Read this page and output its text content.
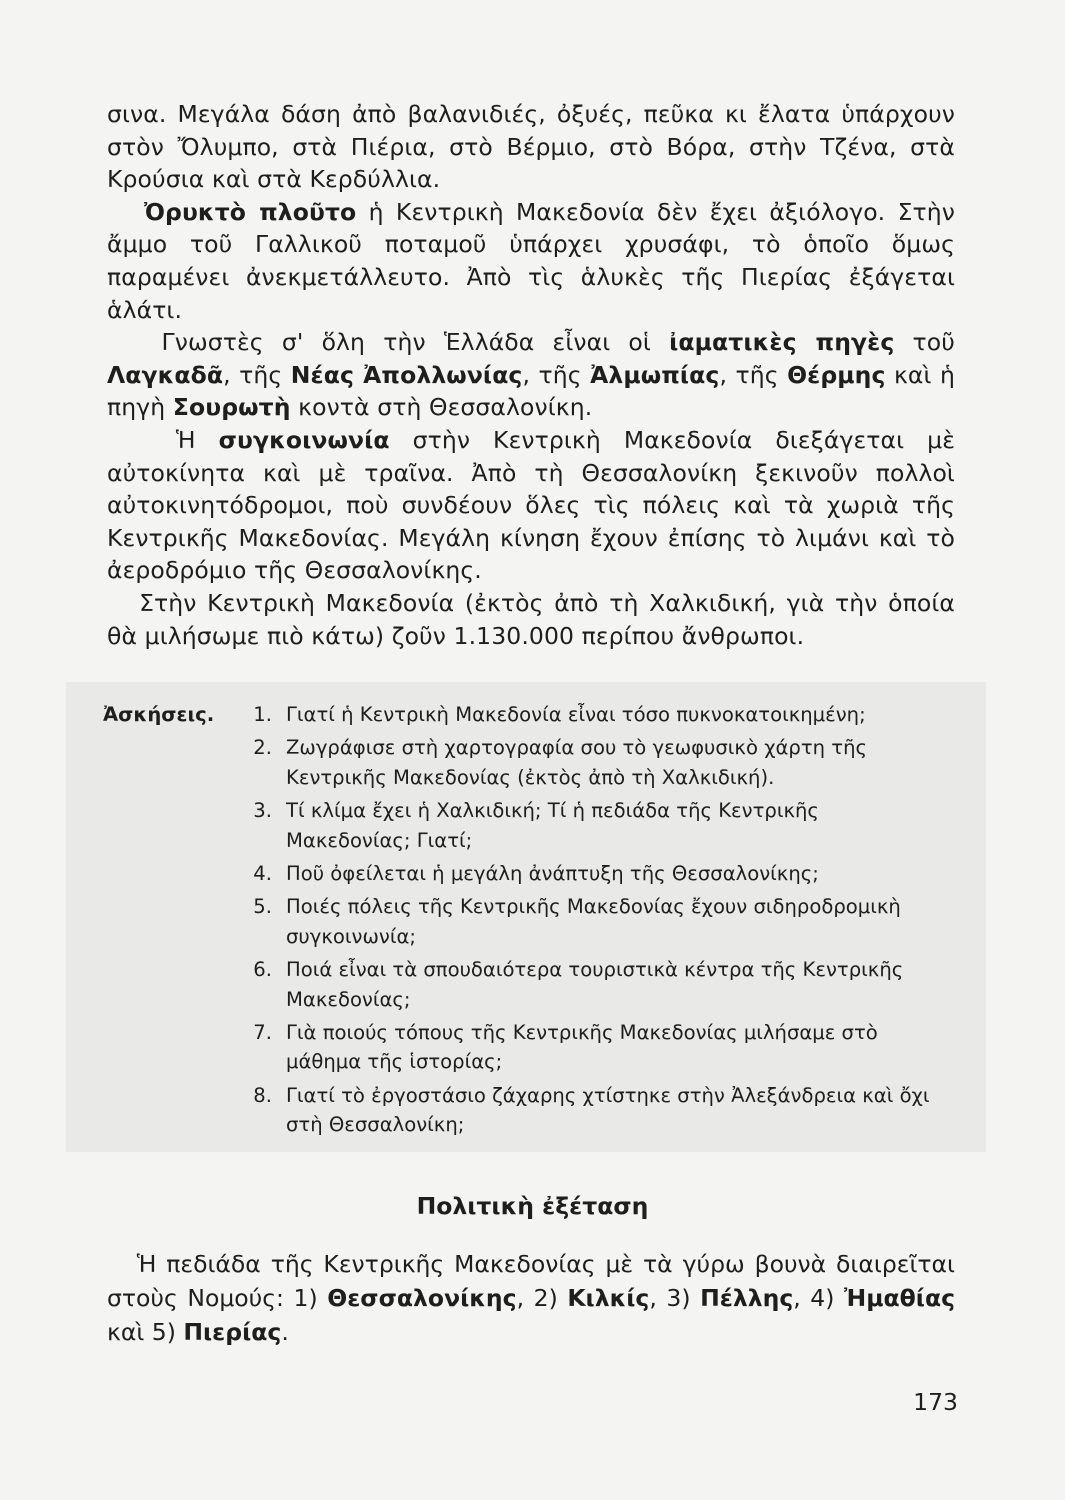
σινα. Μεγάλα δάση ἀπὸ βαλανιδιές, ὀξυές, πεῦκα κι ἔλατα ὑπάρχουν στὸν Ὄλυμπο, στὰ Πιέρια, στὸ Βέρμιο, στὸ Βόρα, στὴν Τζένα, στὰ Κρούσια καὶ στὰ Κερδύλλια.

Ὀρυκτὸ πλοῦτο ἡ Κεντρικὴ Μακεδονία δὲν ἔχει ἀξιόλογο. Στὴν ἄμμο τοῦ Γαλλικοῦ ποταμοῦ ὑπάρχει χρυσάφι, τὸ ὁποῖο ὅμως παραμένει ἀνεκμετάλλευτο. Ἀπὸ τὶς ἁλυκὲς τῆς Πιερίας ἐξάγεται ἁλάτι.

Γνωστὲς σ' ὅλη τὴν Ἑλλάδα εἶναι οἱ ἰαματικὲς πηγὲς τοῦ Λαγκαδᾶ, τῆς Νέας Ἀπολλωνίας, τῆς Ἀλμωπίας, τῆς Θέρμης καὶ ἡ πηγὴ Σουρωτὴ κοντὰ στὴ Θεσσαλονίκη.

Ἡ συγκοινωνία στὴν Κεντρικὴ Μακεδονία διεξάγεται μὲ αὐτοκίνητα καὶ μὲ τραῖνα. Ἀπὸ τὴ Θεσσαλονίκη ξεκινοῦν πολλοὶ αὐτοκινητόδρομοι, ποὺ συνδέουν ὅλες τὶς πόλεις καὶ τὰ χωριὰ τῆς Κεντρικῆς Μακεδονίας. Μεγάλη κίνηση ἔχουν ἐπίσης τὸ λιμάνι καὶ τὸ ἀεροδρόμιο τῆς Θεσσαλονίκης.

Στὴν Κεντρικὴ Μακεδονία (ἐκτὸς ἀπὸ τὴ Χαλκιδική, γιὰ τὴν ὁποία θὰ μιλήσωμε πιὸ κάτω) ζοῦν 1.130.000 περίπου ἄνθρωποι.

Ἀσκήσεις.	1. Γιατί ἡ Κεντρικὴ Μακεδονία εἶναι τόσο πυκνοκατοικημένη;
2. Ζωγράφισε στὴ χαρτογραφία σου τὸ γεωφυσικὸ χάρτη τῆς Κεντρικῆς Μακεδονίας (ἐκτὸς ἀπὸ τὴ Χαλκιδική).
3. Τί κλίμα ἔχει ἡ Χαλκιδική; Τί ἡ πεδιάδα τῆς Κεντρικῆς Μακεδονίας; Γιατί;
4. Ποῦ ὀφείλεται ἡ μεγάλη ἀνάπτυξη τῆς Θεσσαλονίκης;
5. Ποιές πόλεις τῆς Κεντρικῆς Μακεδονίας ἔχουν σιδηροδρομικὴ συγκοινωνία;
6. Ποιά εἶναι τὰ σπουδαιότερα τουριστικὰ κέντρα τῆς Κεντρικῆς Μακεδονίας;
7. Γιὰ ποιούς τόπους τῆς Κεντρικῆς Μακεδονίας μιλήσαμε στὸ μάθημα τῆς ἱστορίας;
8. Γιατί τὸ ἐργοστάσιο ζάχαρης χτίστηκε στὴν Ἀλεξάνδρεια καὶ ὄχι στὴ Θεσσαλονίκη;
Πολιτικὴ ἐξέταση

Ἡ πεδιάδα τῆς Κεντρικῆς Μακεδονίας μὲ τὰ γύρω βουνὰ διαιρεῖται στοὺς Νομούς: 1) Θεσσαλονίκης, 2) Κιλκίς, 3) Πέλλης, 4) Ἠμαθίας καὶ 5) Πιερίας.

173
